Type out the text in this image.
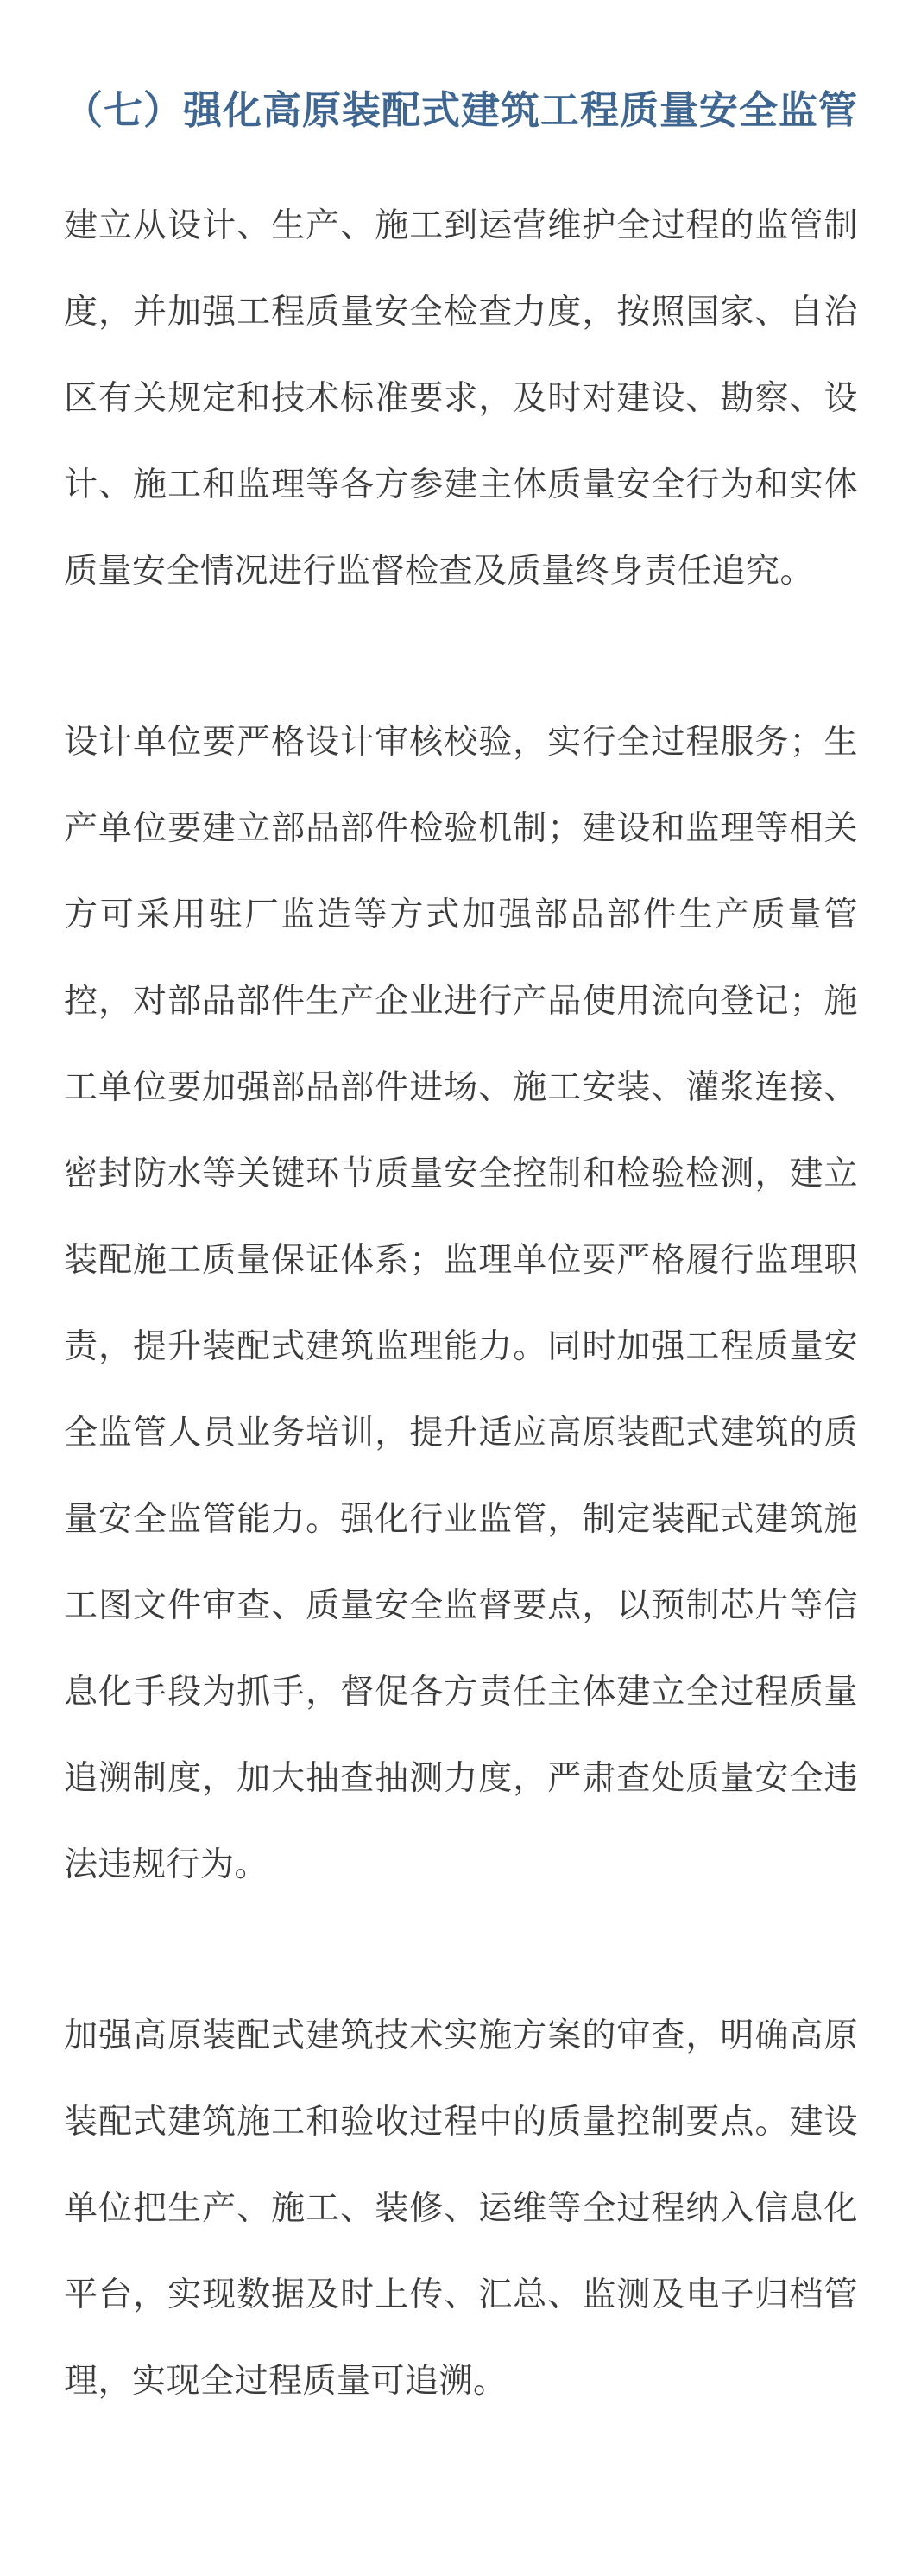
（七）强化高原装配式建筑工程质量安全监管

建立从设计、生产、施工到运营维护全过程的监管制度，并加强工程质量安全检查力度，按照国家、自治区有关规定和技术标准要求，及时对建设、勘察、设计、施工和监理等各方参建主体质量安全行为和实体质量安全情况进行监督检查及质量终身责任追究。

设计单位要严格设计审核校验，实行全过程服务；生产单位要建立部品部件检验机制；建设和监理等相关方可采用驻厂监造等方式加强部品部件生产质量管控，对部品部件生产企业进行产品使用流向登记；施工单位要加强部品部件进场、施工安装、灌浆连接、密封防水等关键环节质量安全控制和检验检测，建立装配施工质量保证体系；监理单位要严格履行监理职责，提升装配式建筑监理能力。同时加强工程质量安全监管人员业务培训，提升适应高原装配式建筑的质量安全监管能力。强化行业监管，制定装配式建筑施工图文件审查、质量安全监督要点，以预制芯片等信息化手段为抓手，督促各方责任主体建立全过程质量追溯制度，加大抽查抽测力度，严肃查处质量安全违法违规行为。

加强高原装配式建筑技术实施方案的审查，明确高原装配式建筑施工和验收过程中的质量控制要点。建设单位把生产、施工、装修、运维等全过程纳入信息化平台，实现数据及时上传、汇总、监测及电子归档管理，实现全过程质量可追溯。
